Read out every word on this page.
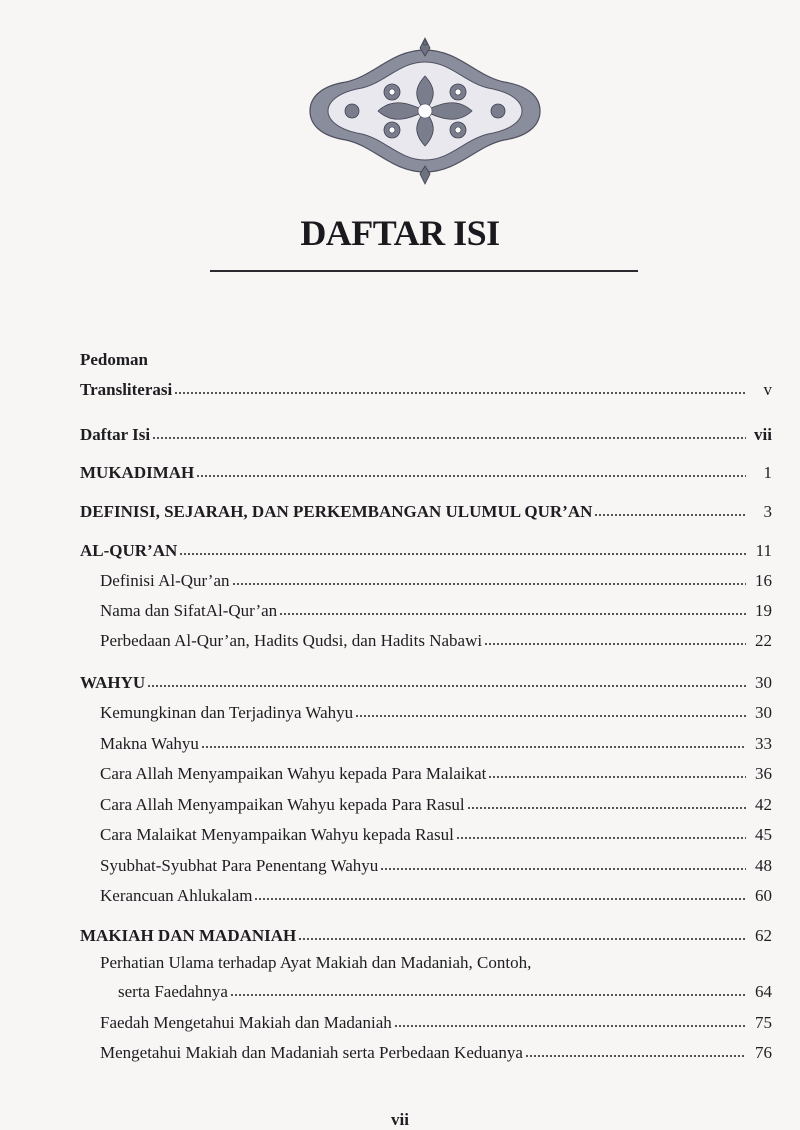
DAFTAR ISI
Pedoman
Transliterasi	v
Daftar Isi	vii
MUKADIMAH	1
DEFINISI, SEJARAH, DAN PERKEMBANGAN ULUMUL QUR’AN	3
AL-QUR’AN	11
Definisi Al-Qur’an	16
Nama dan SifatAl-Qur’an	19
Perbedaan Al-Qur’an, Hadits Qudsi, dan Hadits Nabawi	22
WAHYU	30
Kemungkinan dan Terjadinya Wahyu	30
Makna Wahyu	33
Cara Allah Menyampaikan Wahyu kepada Para Malaikat	36
Cara Allah Menyampaikan Wahyu kepada Para Rasul	42
Cara Malaikat Menyampaikan Wahyu kepada Rasul	45
Syubhat-Syubhat Para Penentang Wahyu	48
Kerancuan Ahlukalam	60
MAKIAH DAN MADANIAH	62
Perhatian Ulama terhadap Ayat Makiah dan Madaniah, Contoh,
serta Faedahnya	64
Faedah Mengetahui Makiah dan Madaniah	75
Mengetahui Makiah dan Madaniah serta Perbedaan Keduanya	76
vii
